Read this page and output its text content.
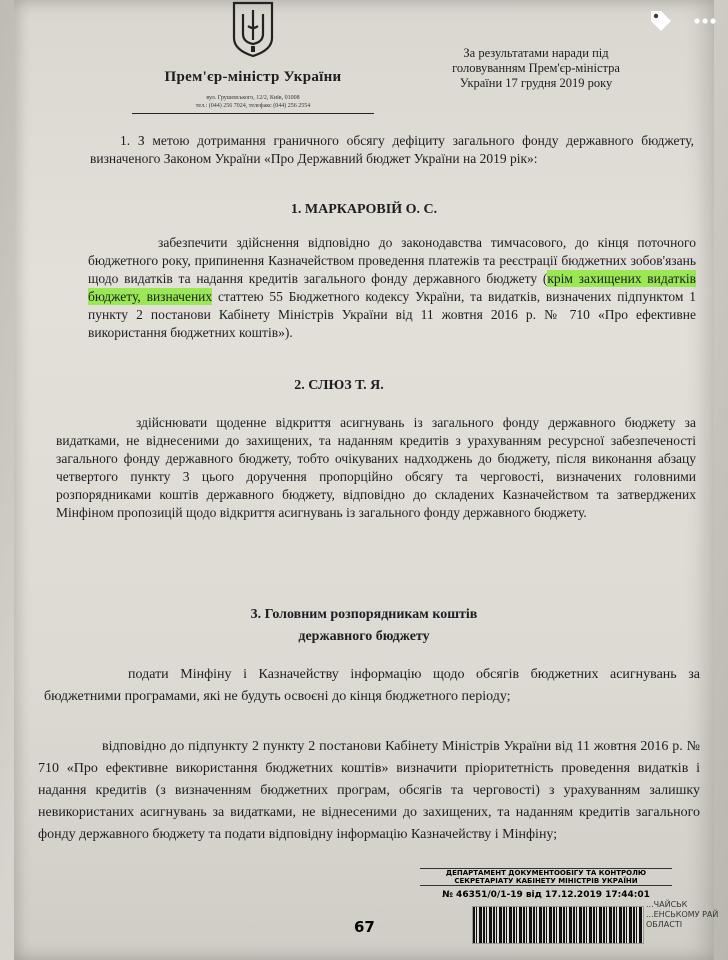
Прем'єр-міністр України
вул. Грушевського, 12/2, Київ, 01008
тел.: (044) 256 7024, телефакс (044) 256 2554
За результатами наради під
головуванням Прем'єр-міністра
України 17 грудня 2019 року
1. З метою дотримання граничного обсягу дефіциту загального фонду державного бюджету, визначеного Законом України «Про Державний бюджет України на 2019 рік»:
1. МАРКАРОВІЙ О. С.
забезпечити здійснення відповідно до законодавства тимчасового, до кінця поточного бюджетного року, припинення Казначейством проведення платежів та реєстрації бюджетних зобов'язань щодо видатків та надання кредитів загального фонду державного бюджету (крім захищених видатків бюджету, визначених статтею 55 Бюджетного кодексу України, та видатків, визначених підпунктом 1 пункту 2 постанови Кабінету Міністрів України від 11 жовтня 2016 р. № 710 «Про ефективне використання бюджетних коштів»).
2. СЛЮЗ Т. Я.
здійснювати щоденне відкриття асигнувань із загального фонду державного бюджету за видатками, не віднесеними до захищених, та наданням кредитів з урахуванням ресурсної забезпеченості загального фонду державного бюджету, тобто очікуваних надходжень до бюджету, після виконання абзацу четвертого пункту 3 цього доручення пропорційно обсягу та черговості, визначених головними розпорядниками коштів державного бюджету, відповідно до складених Казначейством та затверджених Мінфіном пропозицій щодо відкриття асигнувань із загального фонду державного бюджету.
3. Головним розпорядникам коштів
державного бюджету
подати Мінфіну і Казначейству інформацію щодо обсягів бюджетних асигнувань за бюджетними програмами, які не будуть освоєні до кінця бюджетного періоду;
відповідно до підпункту 2 пункту 2 постанови Кабінету Міністрів України від 11 жовтня 2016 р. № 710 «Про ефективне використання бюджетних коштів» визначити пріоритетність проведення видатків і надання кредитів (з визначенням бюджетних програм, обсягів та черговості) з урахуванням залишку невикористаних асигнувань за видатками, не віднесеними до захищених, та наданням кредитів загального фонду державного бюджету та подати відповідну інформацію Казначейству і Мінфіну;
ДЕПАРТАМЕНТ ДОКУМЕНТООБІГУ ТА КОНТРОЛЮ
СЕКРЕТАРІАТУ КАБІНЕТУ МІНІСТРІВ УКРАЇНИ
№ 46351/0/1-19 від 17.12.2019 17:44:01
...ЧАЙСЬК
...ЕНСЬКОМУ РАЙ
ОБЛАСТІ
67
